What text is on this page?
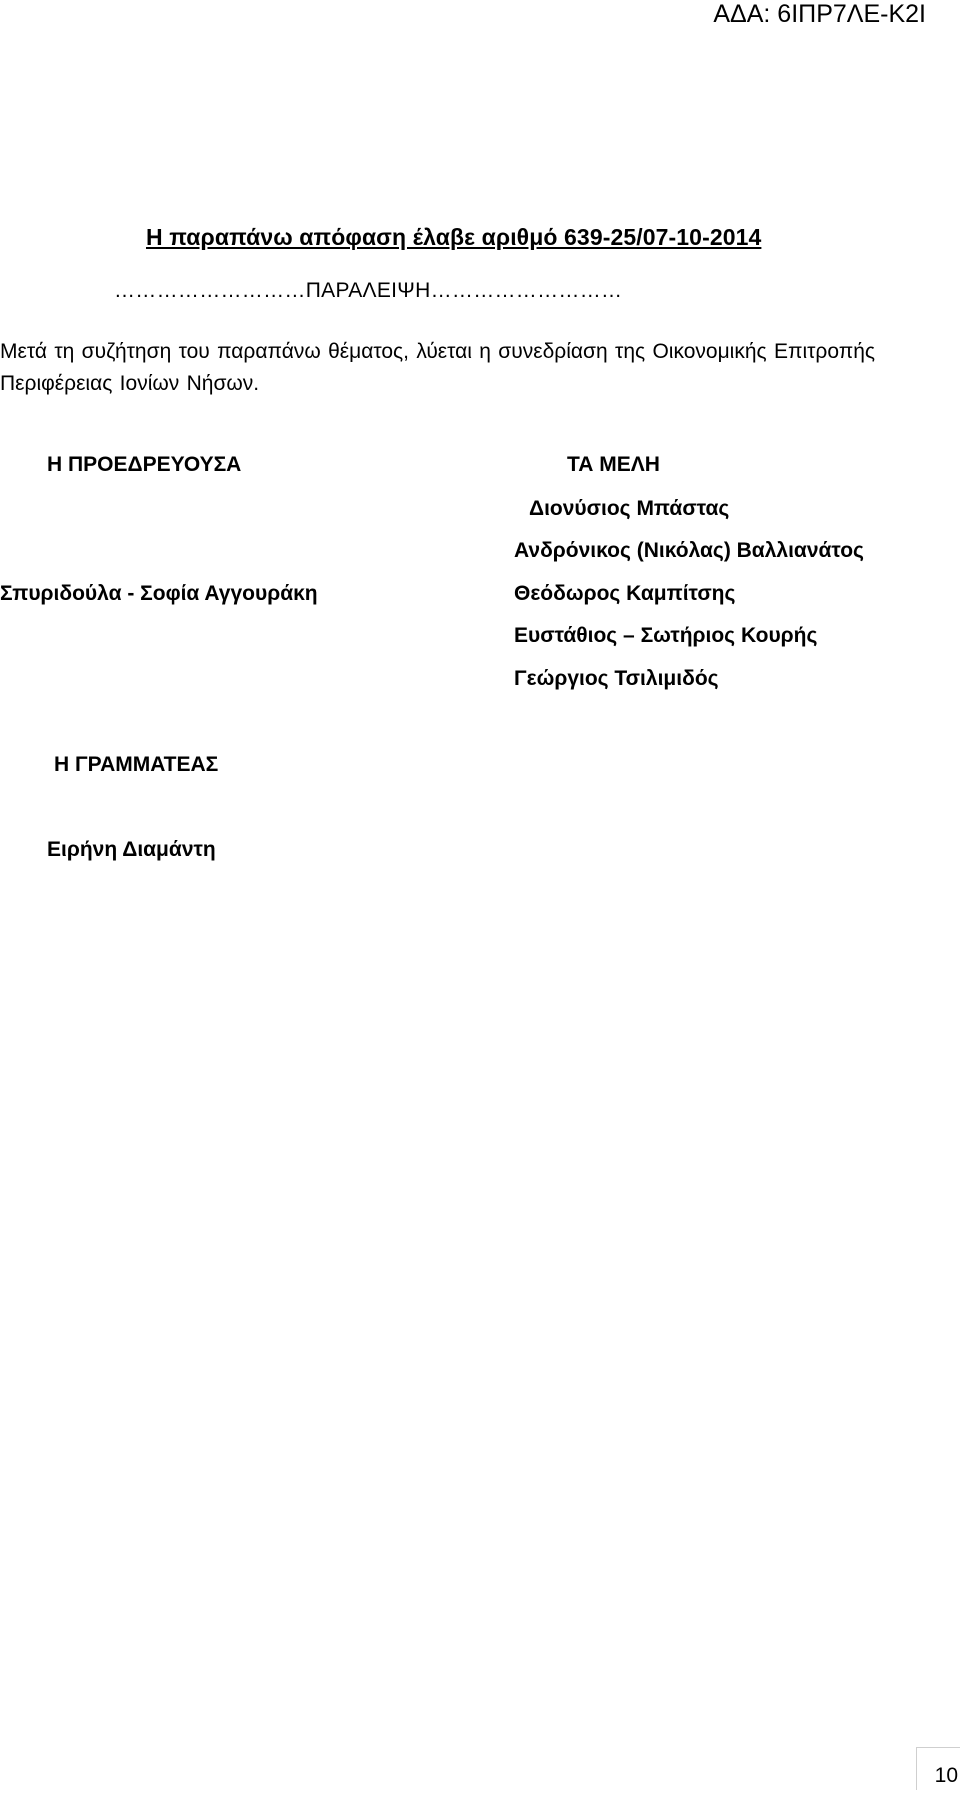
ΑΔΑ: 6ΙΠΡ7ΛΕ-Κ2Ι
Η παραπάνω απόφαση έλαβε αριθμό 639-25/07-10-2014
………………………ΠΑΡΑΛΕΙΨΗ………………………
Μετά τη συζήτηση του παραπάνω θέματος, λύεται η συνεδρίαση της Οικονομικής Επιτροπής Περιφέρειας Ιονίων Νήσων.
Η ΠΡΟΕΔΡΕΥΟΥΣΑ
Σπυριδούλα - Σοφία Αγγουράκη
ΤΑ ΜΕΛΗ
Διονύσιος Μπάστας
Ανδρόνικος (Νικόλας) Βαλλιανάτος
Θεόδωρος Καμπίτσης
Ευστάθιος – Σωτήριος Κουρής
Γεώργιος Τσιλιμιδός
Η ΓΡΑΜΜΑΤΕΑΣ
Ειρήνη Διαμάντη
10
